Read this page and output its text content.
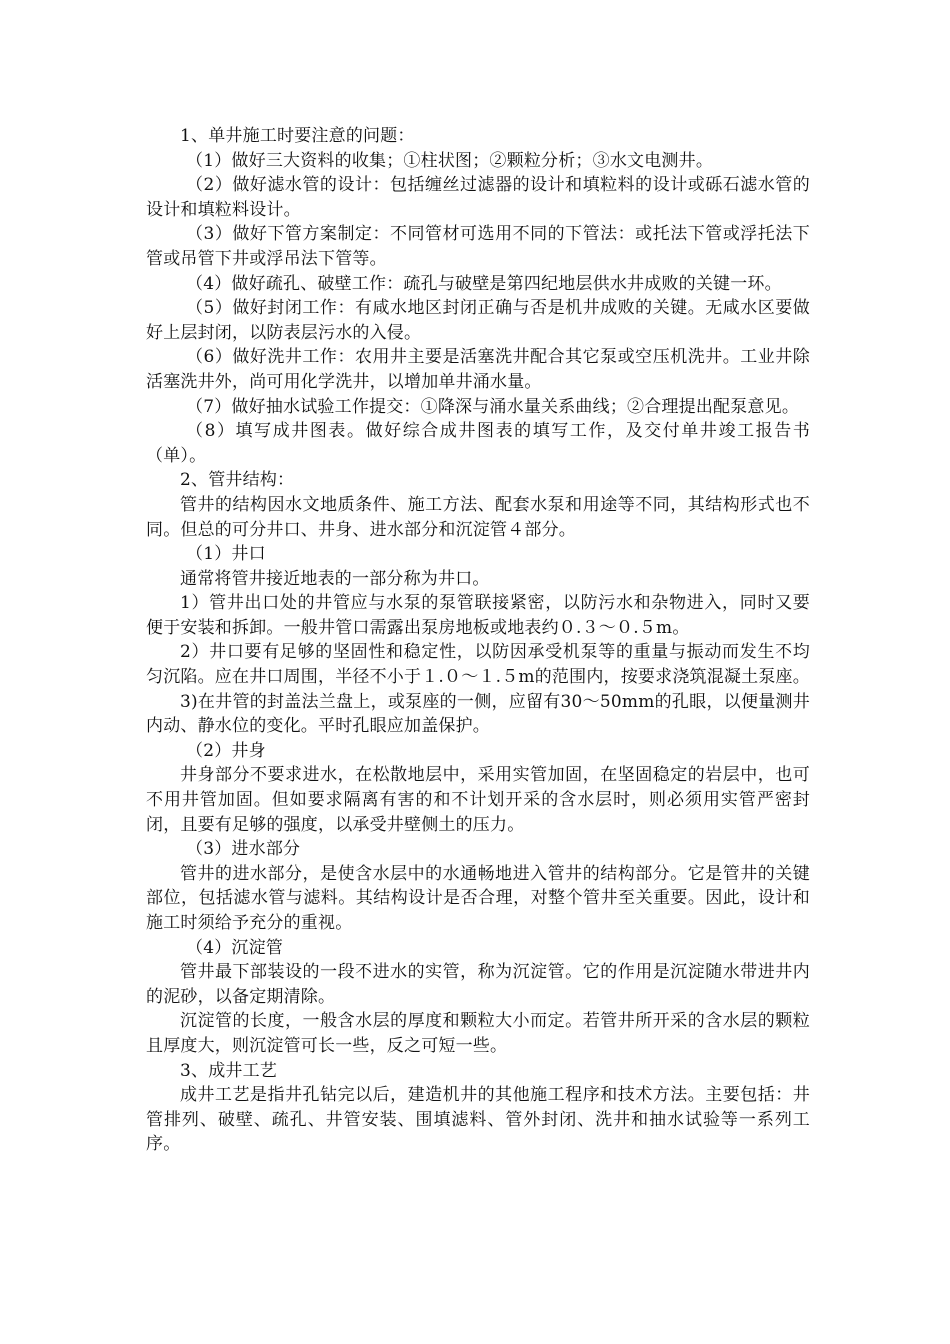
1、单井施工时要注意的问题：

（1）做好三大资料的收集；①柱状图；②颗粒分析；③水文电测井。

（2）做好滤水管的设计：包括缠丝过滤器的设计和填粒料的设计或砾石滤水管的设计和填粒料设计。

（3）做好下管方案制定：不同管材可选用不同的下管法：或托法下管或浮托法下管或吊管下井或浮吊法下管等。

（4）做好疏孔、破壁工作：疏孔与破壁是第四纪地层供水井成败的关键一环。

（5）做好封闭工作：有咸水地区封闭正确与否是机井成败的关键。无咸水区要做好上层封闭，以防表层污水的入侵。

（6）做好洗井工作：农用井主要是活塞洗井配合其它泵或空压机洗井。工业井除活塞洗井外，尚可用化学洗井，以增加单井涌水量。

（7）做好抽水试验工作提交：①降深与涌水量关系曲线；②合理提出配泵意见。

（8）填写成井图表。做好综合成井图表的填写工作，及交付单井竣工报告书（单）。

2、管井结构：

管井的结构因水文地质条件、施工方法、配套水泵和用途等不同，其结构形式也不同。但总的可分井口、井身、进水部分和沉淀管４部分。

（1）井口

通常将管井接近地表的一部分称为井口。

1）管井出口处的井管应与水泵的泵管联接紧密，以防污水和杂物进入，同时又要便于安装和拆卸。一般井管口需露出泵房地板或地表约０.３～０.５m。

2）井口要有足够的坚固性和稳定性，以防因承受机泵等的重量与振动而发生不均匀沉陷。应在井口周围，半径不小于１.０～１.５m的范围内，按要求浇筑混凝土泵座。

3)在井管的封盖法兰盘上，或泵座的一侧，应留有30～50mm的孔眼，以便量测井内动、静水位的变化。平时孔眼应加盖保护。

（2）井身

井身部分不要求进水，在松散地层中，采用实管加固，在坚固稳定的岩层中，也可不用井管加固。但如要求隔离有害的和不计划开采的含水层时，则必须用实管严密封闭，且要有足够的强度，以承受井壁侧土的压力。

（3）进水部分

管井的进水部分，是使含水层中的水通畅地进入管井的结构部分。它是管井的关键部位，包括滤水管与滤料。其结构设计是否合理，对整个管井至关重要。因此，设计和施工时须给予充分的重视。

（4）沉淀管

管井最下部装设的一段不进水的实管，称为沉淀管。它的作用是沉淀随水带进井内的泥砂，以备定期清除。

沉淀管的长度，一般含水层的厚度和颗粒大小而定。若管井所开采的含水层的颗粒且厚度大，则沉淀管可长一些，反之可短一些。

3、成井工艺

成井工艺是指井孔钻完以后，建造机井的其他施工程序和技术方法。主要包括：井管排列、破壁、疏孔、井管安装、围填滤料、管外封闭、洗井和抽水试验等一系列工序。
